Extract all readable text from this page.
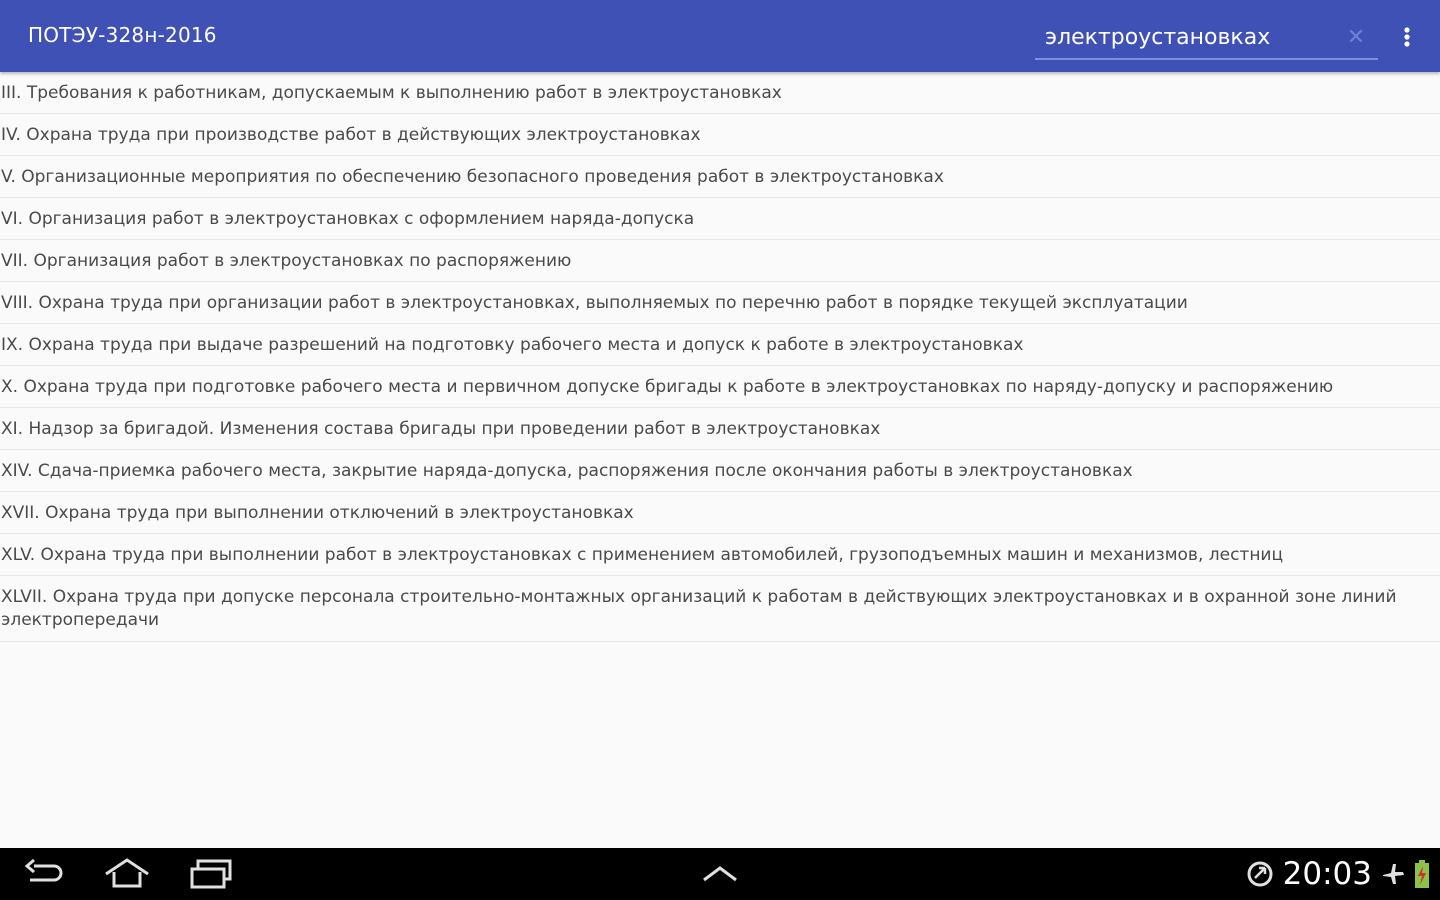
ПОТЭУ-328н-2016
электроустановках	✕
III. Требования к работникам, допускаемым к выполнению работ в электроустановках
IV. Охрана труда при производстве работ в действующих электроустановках
V. Организационные мероприятия по обеспечению безопасного проведения работ в электроустановках
VI. Организация работ в электроустановках с оформлением наряда-допуска
VII. Организация работ в электроустановках по распоряжению
VIII. Охрана труда при организации работ в электроустановках, выполняемых по перечню работ в порядке текущей эксплуатации
IX. Охрана труда при выдаче разрешений на подготовку рабочего места и допуск к работе в электроустановках
X. Охрана труда при подготовке рабочего места и первичном допуске бригады к работе в электроустановках по наряду-допуску и распоряжению
XI. Надзор за бригадой. Изменения состава бригады при проведении работ в электроустановках
XIV. Сдача-приемка рабочего места, закрытие наряда-допуска, распоряжения после окончания работы в электроустановках
XVII. Охрана труда при выполнении отключений в электроустановках
XLV. Охрана труда при выполнении работ в электроустановках с применением автомобилей, грузоподъемных машин и механизмов, лестниц
XLVII. Охрана труда при допуске персонала строительно-монтажных организаций к работам в действующих электроустановках и в охранной зоне линий электропередачи
20:03
